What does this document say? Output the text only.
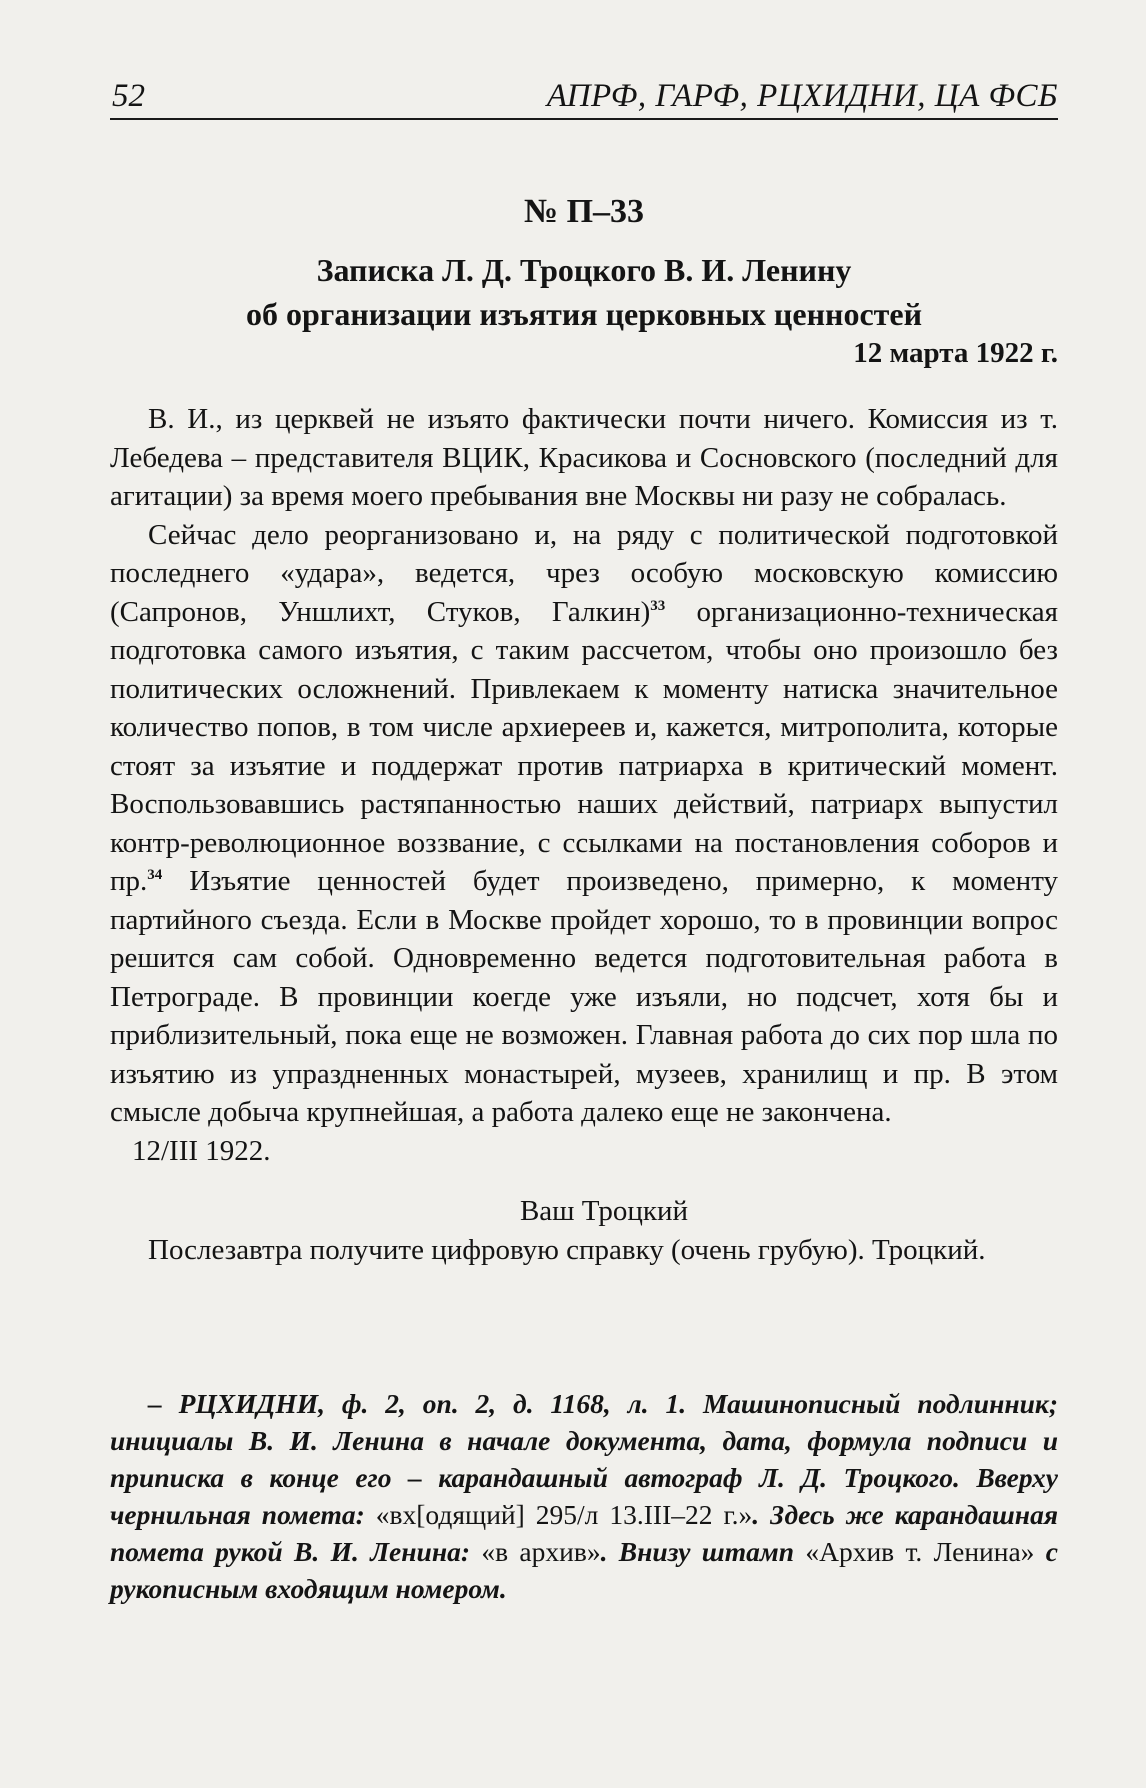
52	АПРФ, ГАРФ, РЦХИДНИ, ЦА ФСБ
№ П–33
Записка Л. Д. Троцкого В. И. Ленину
об организации изъятия церковных ценностей
12 марта 1922 г.

В. И., из церквей не изъято фактически почти ничего. Комиссия из т. Лебедева – представителя ВЦИК, Красикова и Сосновского (последний для агитации) за время моего пребывания вне Москвы ни разу не собралась.

Сейчас дело реорганизовано и, на ряду с политической подготовкой последнего «удара», ведется, чрез особую московскую комиссию (Сапронов, Уншлихт, Стуков, Галкин)$^{33}$ организационно-техническая подготовка самого изъятия, с таким рассчетом, чтобы оно произошло без политических осложнений. Привлекаем к моменту натиска значительное количество попов, в том числе архиереев и, кажется, митрополита, которые стоят за изъятие и поддержат против патриарха в критический момент. Воспользовавшись растяпанностью наших действий, патриарх выпустил контр-революционное воззвание, с ссылками на постановления соборов и пр.$^{34}$ Изъятие ценностей будет произведено, примерно, к моменту партийного съезда. Если в Москве пройдет хорошо, то в провинции вопрос решится сам собой. Одновременно ведется подготовительная работа в Петрограде. В провинции коегде уже изъяли, но подсчет, хотя бы и приблизительный, пока еще не возможен. Главная работа до сих пор шла по изъятию из упраздненных монастырей, музеев, хранилищ и пр. В этом смысле добыча крупнейшая, а работа далеко еще не закончена.

12/III 1922.

Ваш Троцкий

Послезавтра получите цифровую справку (очень грубую). Троцкий.

– РЦХИДНИ, ф. 2, оп. 2, д. 1168, л. 1. Машинописный подлинник; инициалы В. И. Ленина в начале документа, дата, формула подписи и приписка в конце его – карандашный автограф Л. Д. Троцкого. Вверху чернильная помета: «вх[одящий] 295/л 13.III–22 г.». Здесь же карандашная помета рукой В. И. Ленина: «в архив». Внизу штамп «Архив т. Ленина» с рукописным входящим номером.
